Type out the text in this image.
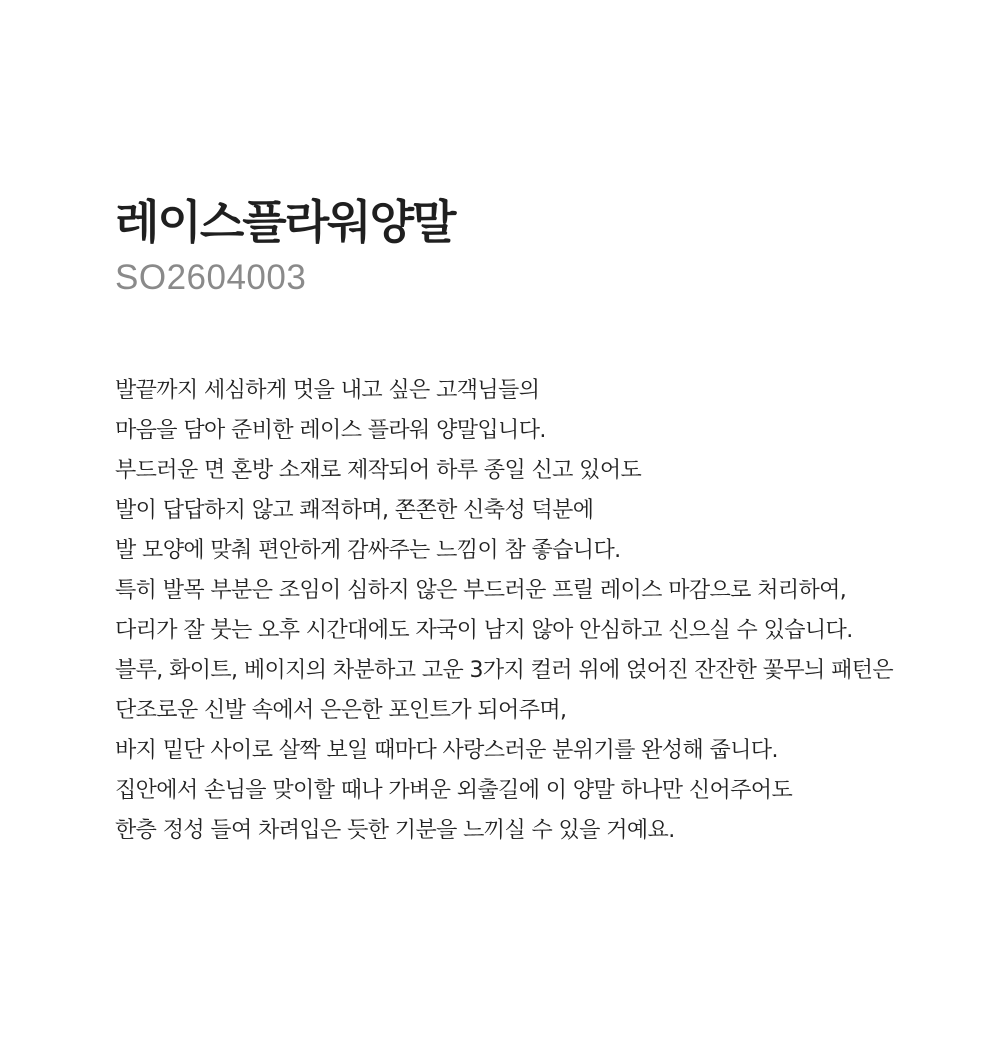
레이스플라워양말
SO2604003
발끝까지 세심하게 멋을 내고 싶은 고객님들의
마음을 담아 준비한 레이스 플라워 양말입니다.
부드러운 면 혼방 소재로 제작되어 하루 종일 신고 있어도
발이 답답하지 않고 쾌적하며, 쫀쫀한 신축성 덕분에
발 모양에 맞춰 편안하게 감싸주는 느낌이 참 좋습니다.
특히 발목 부분은 조임이 심하지 않은 부드러운 프릴 레이스 마감으로 처리하여,
다리가 잘 붓는 오후 시간대에도 자국이 남지 않아 안심하고 신으실 수 있습니다.
블루, 화이트, 베이지의 차분하고 고운 3가지 컬러 위에 얹어진 잔잔한 꽃무늬 패턴은
단조로운 신발 속에서 은은한 포인트가 되어주며,
바지 밑단 사이로 살짝 보일 때마다 사랑스러운 분위기를 완성해 줍니다.
집안에서 손님을 맞이할 때나 가벼운 외출길에 이 양말 하나만 신어주어도
한층 정성 들여 차려입은 듯한 기분을 느끼실 수 있을 거예요.
